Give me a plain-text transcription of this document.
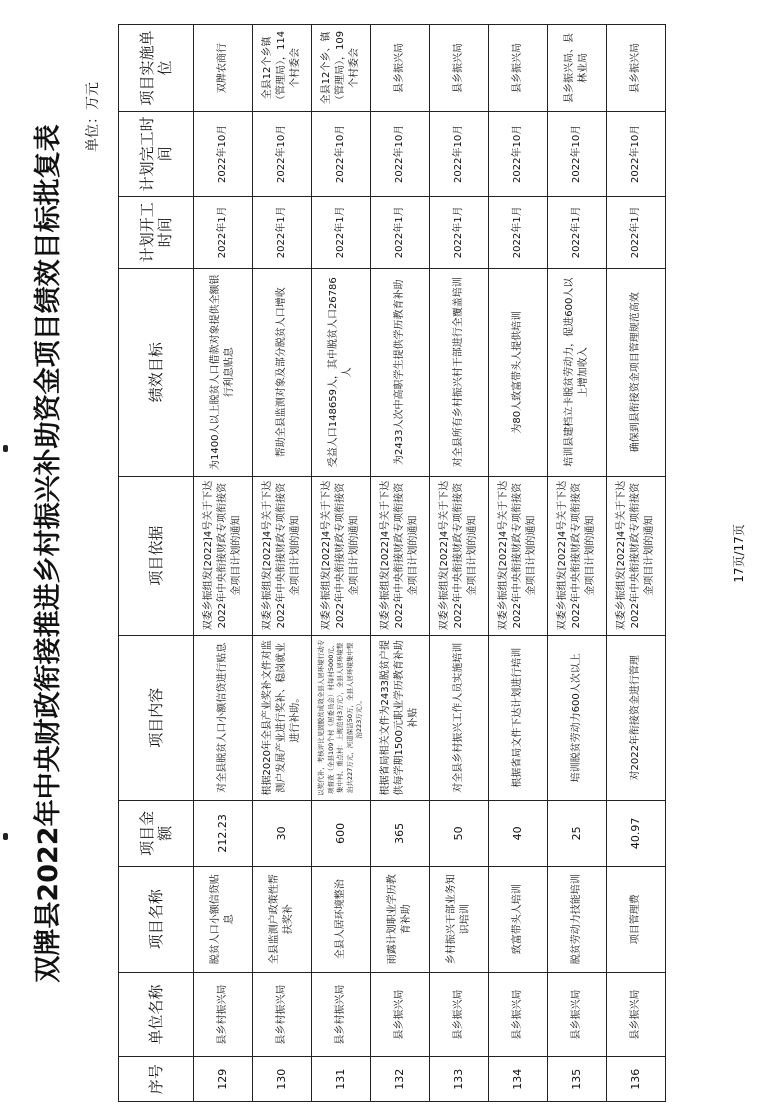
双牌县2022年中央财政衔接推进乡村振兴补助资金项目绩效目标批复表
单位：万元
序号	单位名称	项目名称	项目金额	项目内容	项目依据	绩效目标	计划开工时间	计划完工时间	项目实施单位
129	县乡村振兴局	脱贫人口小额信贷贴息	212.23	对全县脱贫人口小额信贷进行贴息	双委乡振组发[2022]4号关于下达2022年中央衔接财政专项衔接资金项目计划的通知	为1400人以上脱贫人口借款对象提供全额银行利息贴息	2022年1月	2022年10月	双牌农商行
130	县乡村振兴局	全县监测户政策性帮扶奖补	30	根据2020年全县产业奖补文件对监测户发展产业进行奖补、稳岗就业进行补助。	双委乡振组发[2022]4号关于下达2022年中央衔接财政专项衔接资金项目计划的通知	帮助全县监测对象及部分脱贫人口增收	2022年1月	2022年10月	全县12个乡镇（管理局），114个村委会
131	县乡村振兴局	全县人居环境整治	600	以奖代补，考核评比见固脱贫成效全县人居环境行动专项督查（全县109个村（居委员会）村每村5000元、集中村、重点村：上规范村3万元），全县人居环境整治共227万元，河道保洁50万，全县人居环境集中整治223万元）。	双委乡振组发[2022]4号关于下达2022年中央衔接财政专项衔接资金项目计划的通知	受益人口148659人，其中脱贫人口26786人	2022年1月	2022年10月	全县12个乡、镇（管理局），109个村委会
132	县乡振兴局	雨露计划职业学历教育补助	365	根据省局相关文件为2433脱贫户提供每学期1500元职业学历教育补助补贴	双委乡振组发[2022]4号关于下达2022年中央衔接财政专项衔接资金项目计划的通知	为2433人次中高职学生提供学历教育补助	2022年1月	2022年10月	县乡振兴局
133	县乡振兴局	乡村振兴干部业务知识培训	50	对全县乡村振兴工作人员实施培训	双委乡振组发[2022]4号关于下达2022年中央衔接财政专项衔接资金项目计划的通知	对全县所有乡村振兴村干部进行全覆盖培训	2022年1月	2022年10月	县乡振兴局
134	县乡振兴局	致富带头人培训	40	根据省局文件下达计划进行培训	双委乡振组发[2022]4号关于下达2022年中央衔接财政专项衔接资金项目计划的通知	为80人致富带头人提供培训	2022年1月	2022年10月	县乡振兴局
135	县乡振兴局	脱贫劳动力技能培训	25	培训脱贫劳动力600人次以上	双委乡振组发[2022]4号关于下达2022年中央衔接财政专项衔接资金项目计划的通知	培训县建档立卡脱贫劳动力，促进600人以上增加收入	2022年1月	2022年10月	县乡振兴局、县林业局
136	县乡振兴局	项目管理费	40.97	对2022年衔接资金进行管理	双委乡振组发[2022]4号关于下达2022年中央衔接财政专项衔接资金项目计划的通知	确保到县衔接资金项目管理规范高效	2022年1月	2022年10月	县乡振兴局
17页/17页
